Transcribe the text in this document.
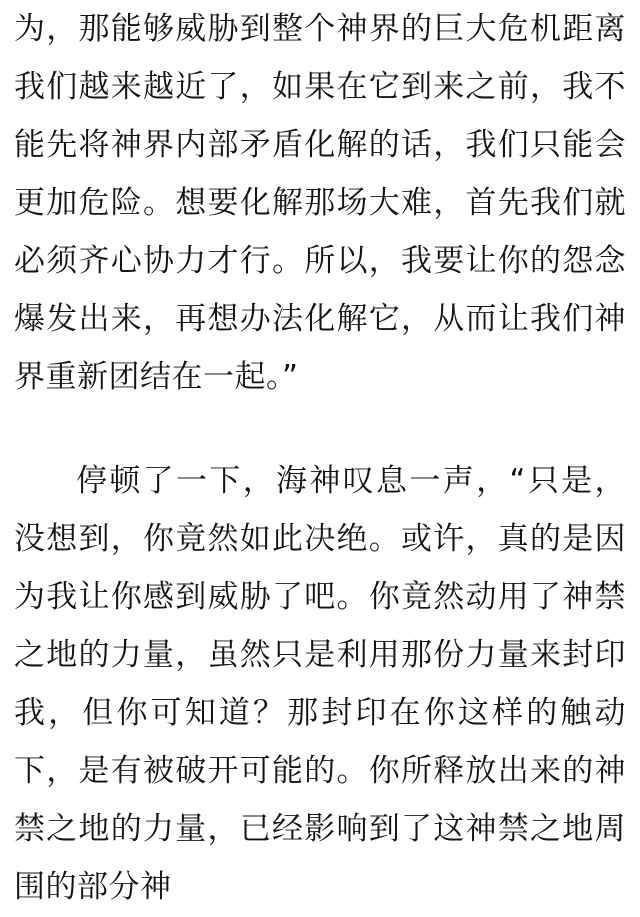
为，那能够威胁到整个神界的巨大危机距离我们越来越近了，如果在它到来之前，我不能先将神界内部矛盾化解的话，我们只能会更加危险。想要化解那场大难，首先我们就必须齐心协力才行。所以，我要让你的怨念爆发出来，再想办法化解它，从而让我们神界重新团结在一起。”

停顿了一下，海神叹息一声，“只是，没想到，你竟然如此决绝。或许，真的是因为我让你感到威胁了吧。你竟然动用了神禁之地的力量，虽然只是利用那份力量来封印我，但你可知道？那封印在你这样的触动下，是有被破开可能的。你所释放出来的神禁之地的力量，已经影响到了这神禁之地周围的部分神
